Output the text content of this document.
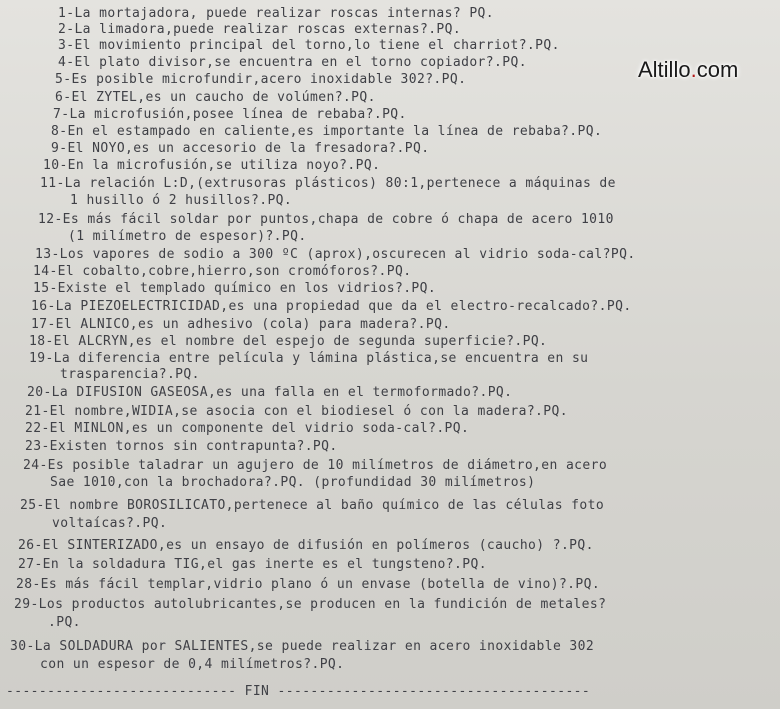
Altillo.com
1-La mortajadora, puede realizar roscas internas? PQ.
2-La limadora,puede realizar roscas externas?.PQ.
3-El movimiento principal del torno,lo tiene el charriot?.PQ.
4-El plato divisor,se encuentra en el torno copiador?.PQ.
5-Es posible microfundir,acero inoxidable 302?.PQ.
6-El ZYTEL,es un caucho de volúmen?.PQ.
7-La microfusión,posee línea de rebaba?.PQ.
8-En el estampado en caliente,es importante la línea de rebaba?.PQ.
9-El NOYO,es un accesorio de la fresadora?.PQ.
10-En la microfusión,se utiliza noyo?.PQ.
11-La relación L:D,(extrusoras plásticos) 80:1,pertenece a máquinas de
1 husillo ó 2 husillos?.PQ.
12-Es más fácil soldar por puntos,chapa de cobre ó chapa de acero 1010
(1 milímetro de espesor)?.PQ.
13-Los vapores de sodio a 300 ºC (aprox),oscurecen al vidrio soda-cal?PQ.
14-El cobalto,cobre,hierro,son cromóforos?.PQ.
15-Existe el templado químico en los vidrios?.PQ.
16-La PIEZOELECTRICIDAD,es una propiedad que da el electro-recalcado?.PQ.
17-El ALNICO,es un adhesivo (cola) para madera?.PQ.
18-El ALCRYN,es el nombre del espejo de segunda superficie?.PQ.
19-La diferencia entre película y lámina plástica,se encuentra en su
trasparencia?.PQ.
20-La DIFUSION GASEOSA,es una falla en el termoformado?.PQ.
21-El nombre,WIDIA,se asocia con el biodiesel ó con la madera?.PQ.
22-El MINLON,es un componente del vidrio soda-cal?.PQ.
23-Existen tornos sin contrapunta?.PQ.
24-Es posible taladrar un agujero de 10 milímetros de diámetro,en acero
Sae 1010,con la brochadora?.PQ. (profundidad 30 milímetros)
25-El nombre BOROSILICATO,pertenece al baño químico de las células foto
voltaícas?.PQ.
26-El SINTERIZADO,es un ensayo de difusión en polímeros (caucho) ?.PQ.
27-En la soldadura TIG,el gas inerte es el tungsteno?.PQ.
28-Es más fácil templar,vidrio plano ó un envase (botella de vino)?.PQ.
29-Los productos autolubricantes,se producen en la fundición de metales?
.PQ.
30-La SOLDADURA por SALIENTES,se puede realizar en acero inoxidable 302
con un espesor de 0,4 milímetros?.PQ.
---------------------------- FIN --------------------------------------
